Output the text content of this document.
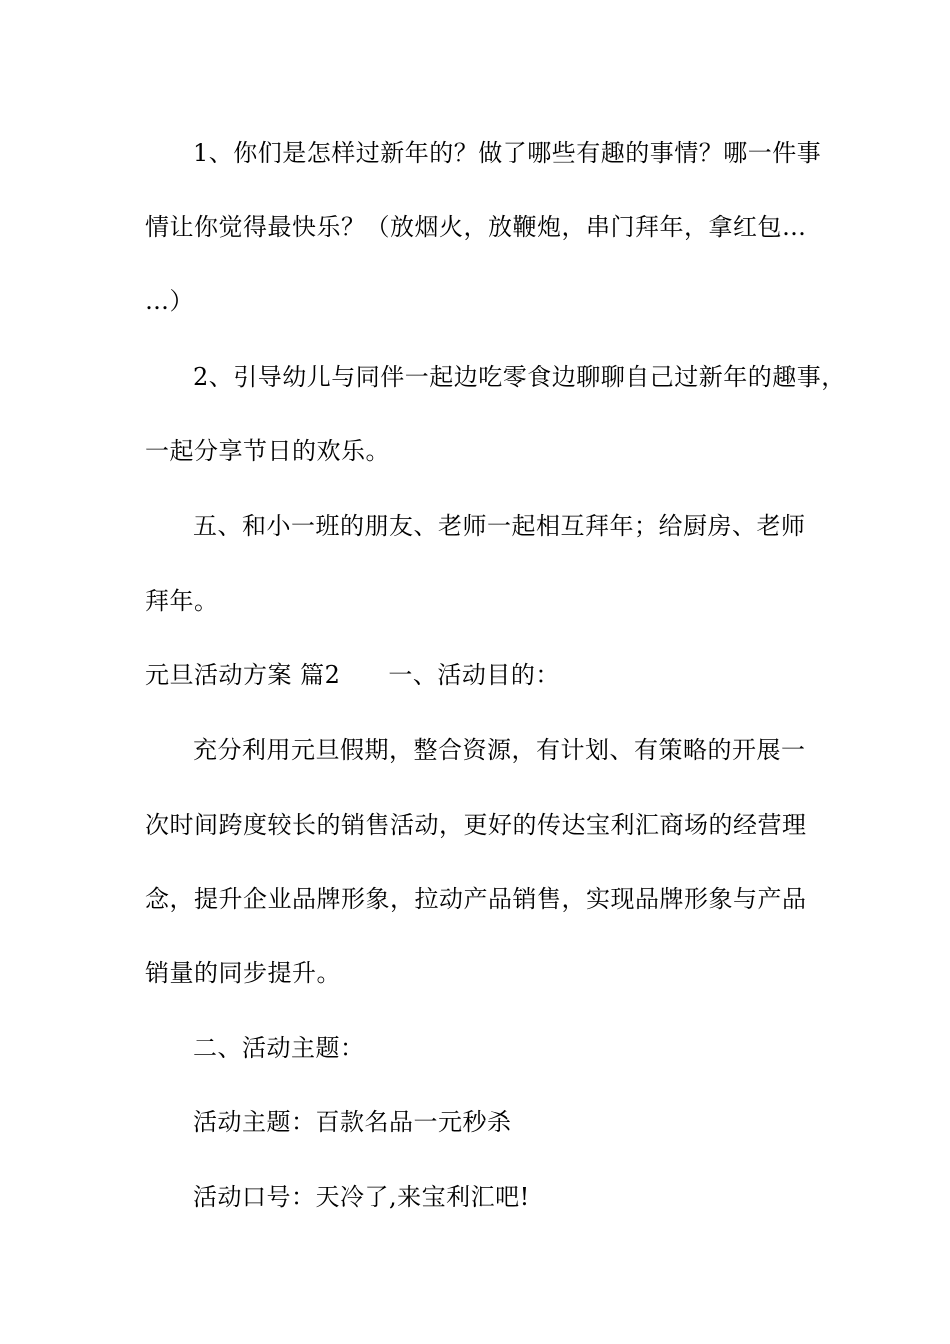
1、你们是怎样过新年的？做了哪些有趣的事情？哪一件事
情让你觉得最快乐？（放烟火，放鞭炮，串门拜年，拿红包…
…）
2、引导幼儿与同伴一起边吃零食边聊聊自己过新年的趣事，
一起分享节日的欢乐。
五、和小一班的朋友、老师一起相互拜年；给厨房、老师
拜年。
元旦活动方案 篇2 一、活动目的：
充分利用元旦假期，整合资源，有计划、有策略的开展一
次时间跨度较长的销售活动，更好的传达宝利汇商场的经营理
念，提升企业品牌形象，拉动产品销售，实现品牌形象与产品
销量的同步提升。
二、活动主题：
活动主题：百款名品一元秒杀
活动口号：天冷了,来宝利汇吧!
